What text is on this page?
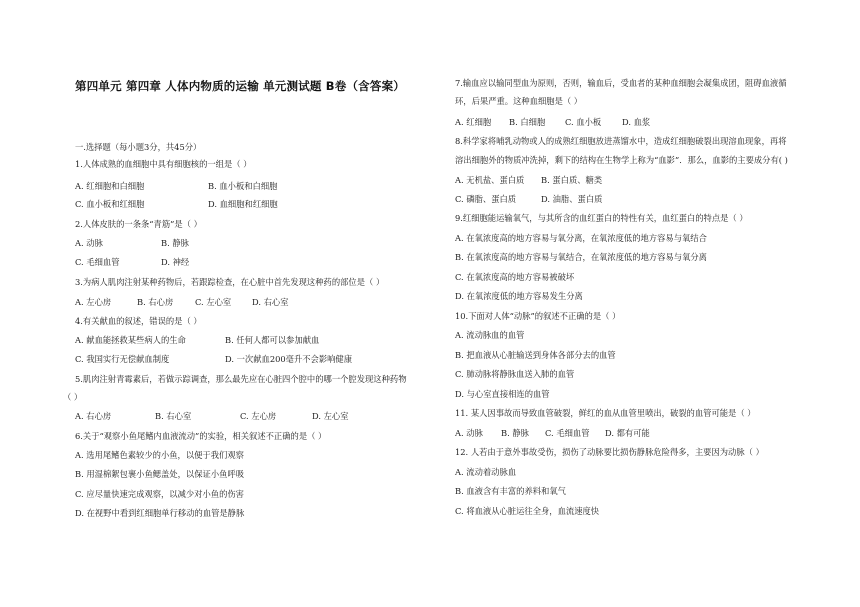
第四单元 第四章 人体内物质的运输 单元测试题 B卷（含答案）
一.选择题（每小题3分，共45分）
1.人体成熟的血细胞中具有细胞核的一组是（ ）
A. 红细胞和白细胞	B. 血小板和白细胞
C. 血小板和红细胞	D. 血细胞和红细胞
2.人体皮肤的一条条“青筋”是（ ）
A. 动脉	B. 静脉
C. 毛细血管	D. 神经
3.为病人肌肉注射某种药物后，若跟踪检查，在心脏中首先发现这种药的部位是（ ）
A. 左心房	B. 右心房	C. 左心室	D. 右心室
4.有关献血的叙述，错误的是（ ）
A. 献血能拯救某些病人的生命	B. 任何人都可以参加献血
C. 我国实行无偿献血制度	D. 一次献血200毫升不会影响健康
5.肌肉注射青霉素后，若做示踪调查，那么最先应在心脏四个腔中的哪一个腔发现这种药物
（ ）
A. 右心房	B. 右心室	C. 左心房	D. 左心室
6.关于“观察小鱼尾鳍内血液流动”的实验，相关叙述不正确的是（ ）
A. 选用尾鳍色素较少的小鱼，以便于我们观察
B. 用湿棉絮包裹小鱼鳃盖处，以保证小鱼呼吸
C. 应尽量快速完成观察，以减少对小鱼的伤害
D. 在视野中看到红细胞单行移动的血管是静脉
7.输血应以输同型血为原则，否则，输血后，受血者的某种血细胞会凝集成团，阻碍血液循
环，后果严重。这种血细胞是（ ）
A. 红细胞 B. 白细胞 C. 血小板	D. 血浆
8.科学家将哺乳动物或人的成熟红细胞放进蒸馏水中，造成红细胞破裂出现溶血现象，再将
溶出细胞外的物质冲洗掉，剩下的结构在生物学上称为“血影”．那么，血影的主要成分有( )
A. 无机盐、蛋白质 B. 蛋白质、糖类
C. 磷脂、蛋白质	D. 油脂、蛋白质
9.红细胞能运输氧气，与其所含的血红蛋白的特性有关，血红蛋白的特点是（ ）
A. 在氧浓度高的地方容易与氧分离，在氧浓度低的地方容易与氧结合
B. 在氧浓度高的地方容易与氧结合，在氧浓度低的地方容易与氧分离
C. 在氧浓度高的地方容易被破坏
D. 在氧浓度低的地方容易发生分离
10.下面对人体“动脉”的叙述不正确的是（ ）
A. 流动脉血的血管
B. 把血液从心脏输送到身体各部分去的血管
C. 肺动脉将静脉血送入肺的血管
D. 与心室直接相连的血管
11. 某人因事故而导致血管破裂，鲜红的血从血管里喷出，破裂的血管可能是（ ）
A. 动脉 B. 静脉 C. 毛细血管 D. 都有可能
12. 人若由于意外事故受伤，损伤了动脉要比损伤静脉危险得多，主要因为动脉（ ）
A. 流动着动脉血
B. 血液含有丰富的养料和氧气
C. 将血液从心脏运往全身，血流速度快
